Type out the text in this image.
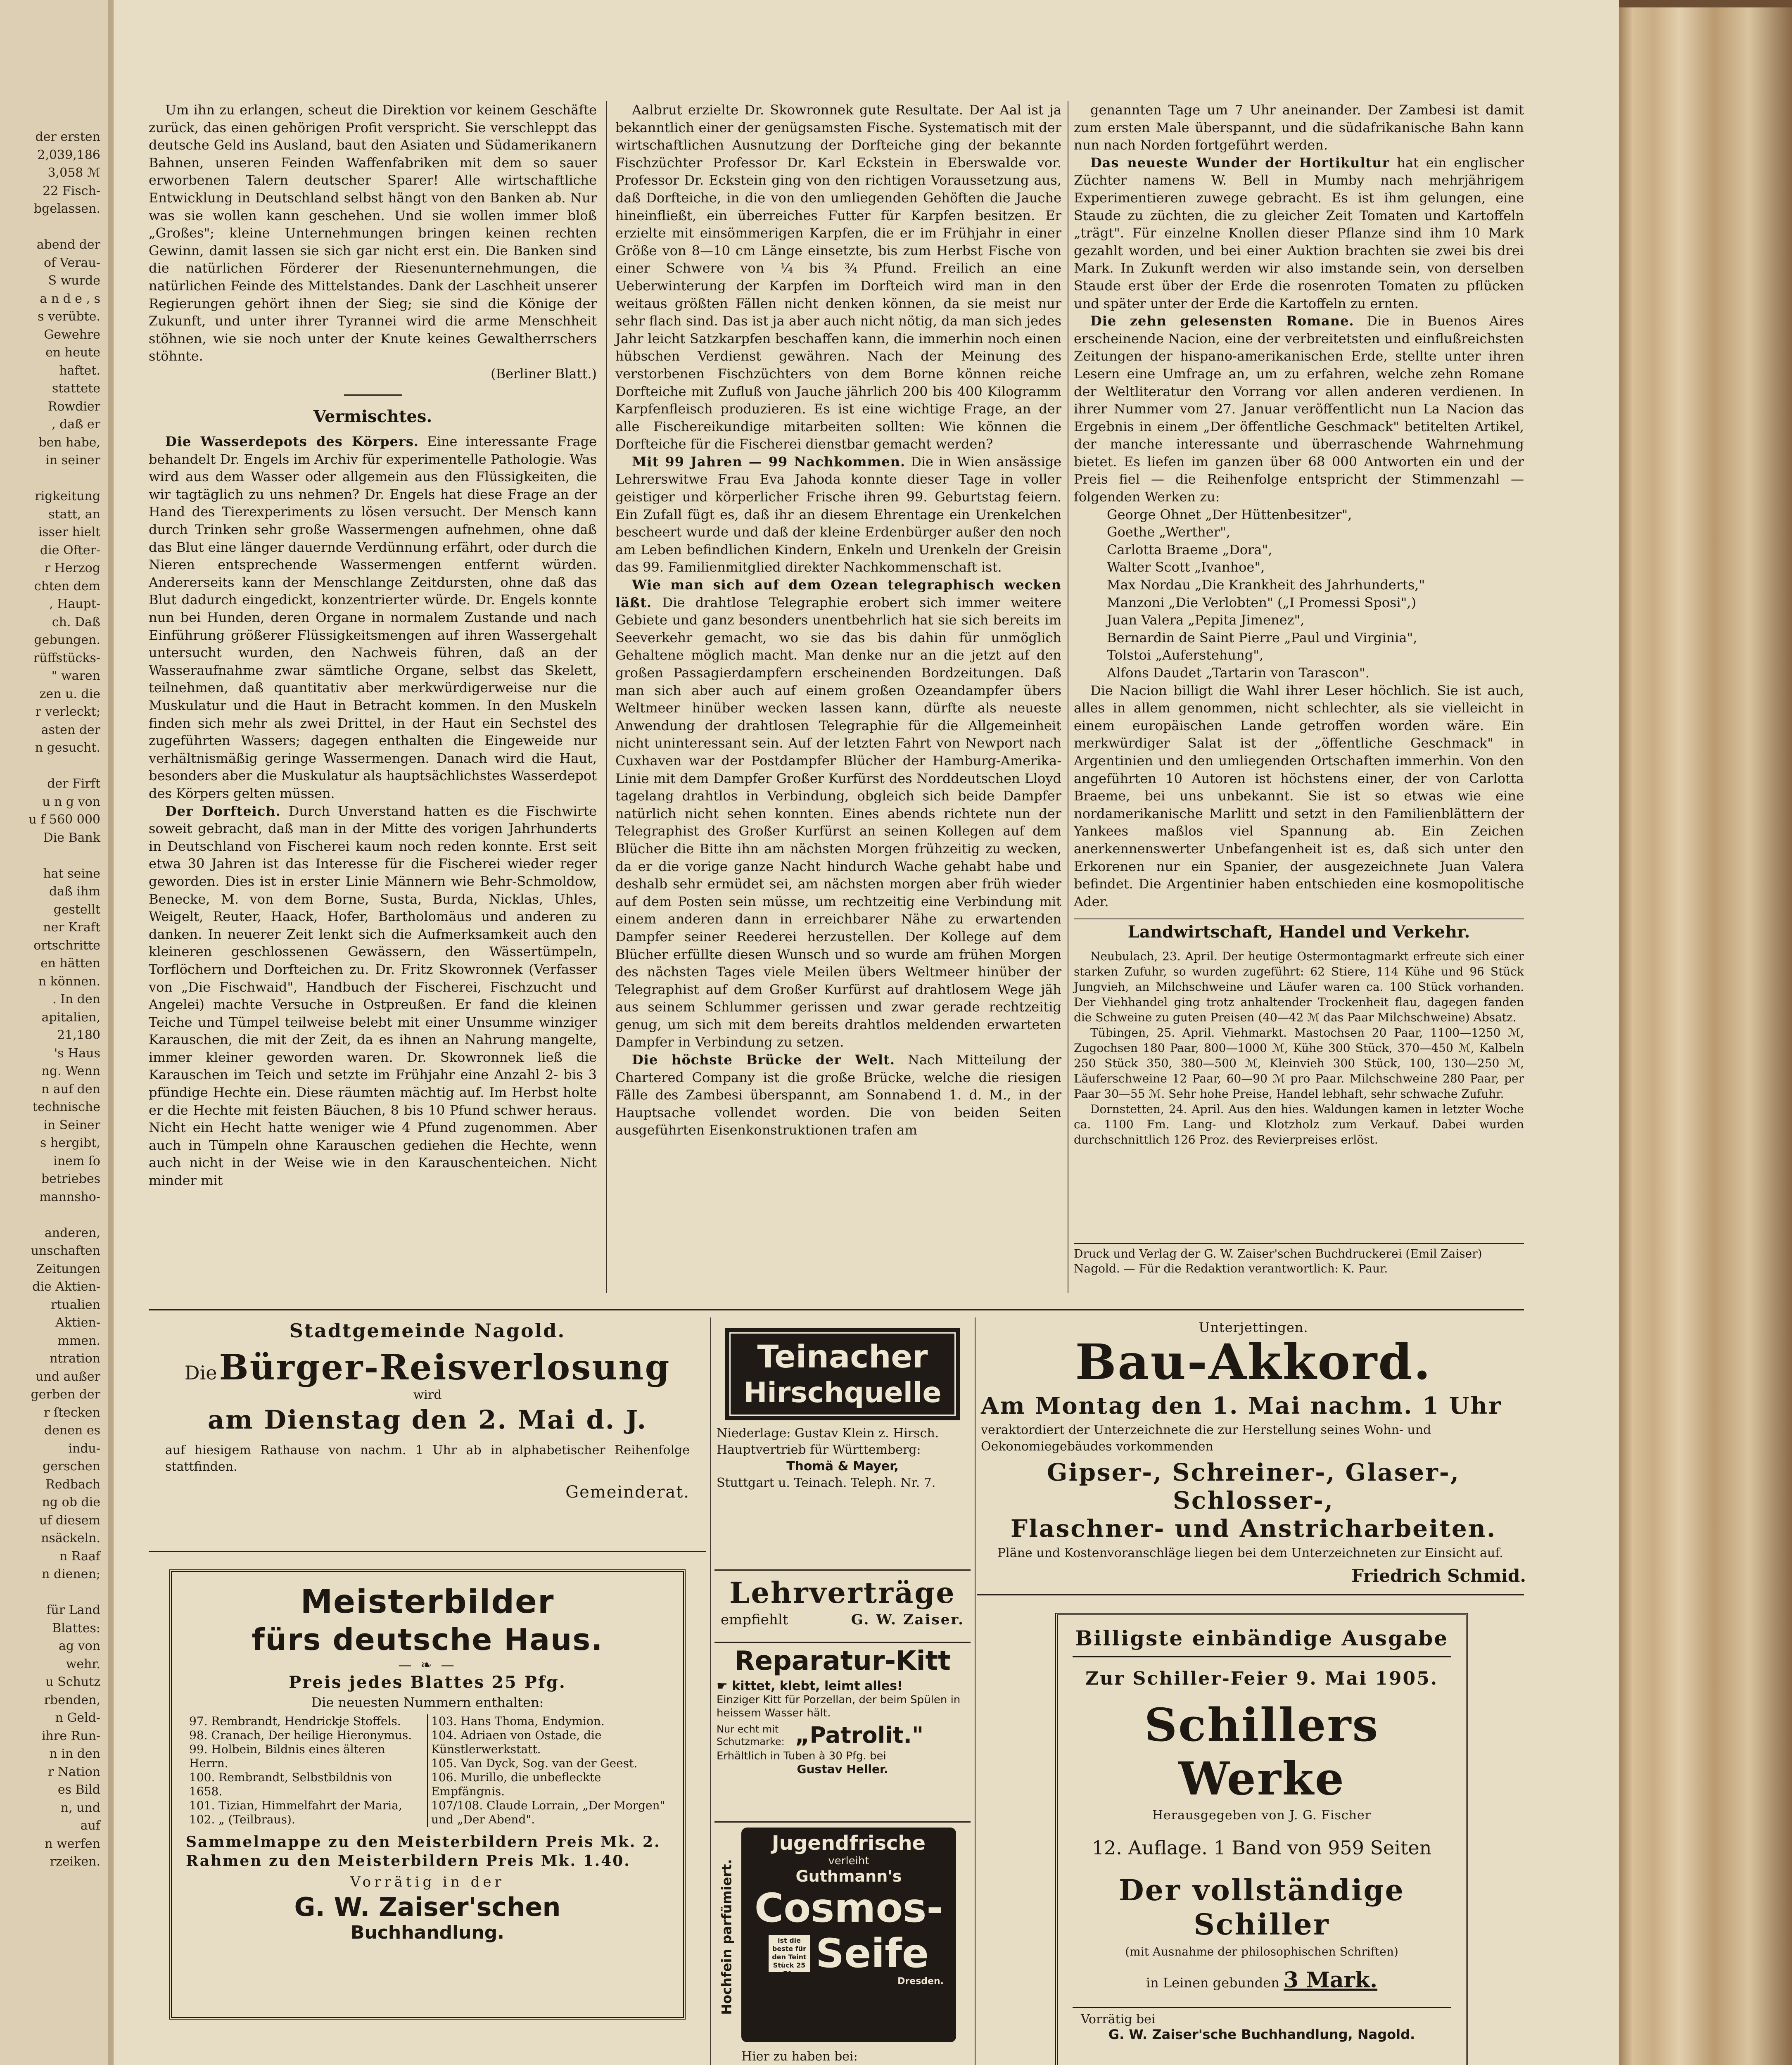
der ersten
2,039,186
3,058 ℳ
22 Fisch-
bgelassen.

abend der
of Verau-
S wurde
a n d e , s
s verübte.
Gewehre
en heute
haftet.
stattete
Rowdier
, daß er
ben habe,
in seiner

rigkeitung
statt, an
isser hielt
die Ofter-
r Herzog
chten dem
, Haupt-
ch. Daß
gebungen.
rüffstücks-
" waren
zen u. die
r verleckt;
asten der
n gesucht.

der Firft
u n g von
u f 560 000
Die Bank

hat seine
daß ihm
gestellt
ner Kraft
ortschritte
en hätten
n können.
. In den
apitalien,
21,180
's Haus
ng. Wenn
n auf den
technische
in Seiner
s hergibt,
inem ſo
betriebes
mannsho-

anderen,
unschaften
Zeitungen
die Aktien-
rtualien
Aktien-
mmen.
ntration
und außer
gerben der
r ſtecken
denen es
indu-
gerschen
Redbach
ng ob die
uf diesem
nsäckeln.
n Raaf
n dienen;

für Land
Blattes:
ag von
wehr.
u Schutz
rbenden,
n Geld-
ihre Run-
n in den
r Nation
es Bild
n, und
auf
n werfen
rzeiken.

Um ihn zu erlangen, scheut die Direktion vor keinem Geschäfte zurück, das einen gehörigen Profit verspricht. Sie verschleppt das deutsche Geld ins Ausland, baut den Asiaten und Südamerikanern Bahnen, unseren Feinden Waffenfabriken mit dem so sauer erworbenen Talern deutscher Sparer! Alle wirtschaftliche Entwicklung in Deutschland selbst hängt von den Banken ab. Nur was sie wollen kann geschehen. Und sie wollen immer bloß „Großes"; kleine Unternehmungen bringen keinen rechten Gewinn, damit lassen sie sich gar nicht erst ein. Die Banken sind die natürlichen Förderer der Riesenunternehmungen, die natürlichen Feinde des Mittelstandes. Dank der Laschheit unserer Regierungen gehört ihnen der Sieg; sie sind die Könige der Zukunft, und unter ihrer Tyrannei wird die arme Menschheit stöhnen, wie sie noch unter der Knute keines Gewaltherrschers stöhnte.

(Berliner Blatt.)
Vermischtes.

Die Wasserdepots des Körpers. Eine interessante Frage behandelt Dr. Engels im Archiv für experimentelle Pathologie. Was wird aus dem Wasser oder allgemein aus den Flüssigkeiten, die wir tagtäglich zu uns nehmen? Dr. Engels hat diese Frage an der Hand des Tierexperiments zu lösen versucht. Der Mensch kann durch Trinken sehr große Wassermengen aufnehmen, ohne daß das Blut eine länger dauernde Verdünnung erfährt, oder durch die Nieren entsprechende Wassermengen entfernt würden. Andererseits kann der Menschlange Zeitdursten, ohne daß das Blut dadurch eingedickt, konzentrierter würde. Dr. Engels konnte nun bei Hunden, deren Organe in normalem Zustande und nach Einführung größerer Flüssigkeitsmengen auf ihren Wassergehalt untersucht wurden, den Nachweis führen, daß an der Wasseraufnahme zwar sämtliche Organe, selbst das Skelett, teilnehmen, daß quantitativ aber merkwürdigerweise nur die Muskulatur und die Haut in Betracht kommen. In den Muskeln finden sich mehr als zwei Drittel, in der Haut ein Sechstel des zugeführten Wassers; dagegen enthalten die Eingeweide nur verhältnismäßig geringe Wassermengen. Danach wird die Haut, besonders aber die Muskulatur als hauptsächlichstes Wasserdepot des Körpers gelten müssen.

Der Dorfteich. Durch Unverstand hatten es die Fischwirte soweit gebracht, daß man in der Mitte des vorigen Jahrhunderts in Deutschland von Fischerei kaum noch reden konnte. Erst seit etwa 30 Jahren ist das Interesse für die Fischerei wieder reger geworden. Dies ist in erster Linie Männern wie Behr-Schmoldow, Benecke, M. von dem Borne, Susta, Burda, Nicklas, Uhles, Weigelt, Reuter, Haack, Hofer, Bartholomäus und anderen zu danken. In neuerer Zeit lenkt sich die Aufmerksamkeit auch den kleineren geschlossenen Gewässern, den Wässertümpeln, Torflöchern und Dorfteichen zu. Dr. Fritz Skowronnek (Verfasser von „Die Fischwaid", Handbuch der Fischerei, Fischzucht und Angelei) machte Versuche in Ostpreußen. Er fand die kleinen Teiche und Tümpel teilweise belebt mit einer Unsumme winziger Karauschen, die mit der Zeit, da es ihnen an Nahrung mangelte, immer kleiner geworden waren. Dr. Skowronnek ließ die Karauschen im Teich und setzte im Frühjahr eine Anzahl 2- bis 3 pfündige Hechte ein. Diese räumten mächtig auf. Im Herbst holte er die Hechte mit feisten Bäuchen, 8 bis 10 Pfund schwer heraus. Nicht ein Hecht hatte weniger wie 4 Pfund zugenommen. Aber auch in Tümpeln ohne Karauschen gediehen die Hechte, wenn auch nicht in der Weise wie in den Karauschenteichen. Nicht minder mit

Aalbrut erzielte Dr. Skowronnek gute Resultate. Der Aal ist ja bekanntlich einer der genügsamsten Fische. Systematisch mit der wirtschaftlichen Ausnutzung der Dorfteiche ging der bekannte Fischzüchter Professor Dr. Karl Eckstein in Eberswalde vor. Professor Dr. Eckstein ging von den richtigen Voraussetzung aus, daß Dorfteiche, in die von den umliegenden Gehöften die Jauche hineinfließt, ein überreiches Futter für Karpfen besitzen. Er erzielte mit einsömmerigen Karpfen, die er im Frühjahr in einer Größe von 8—10 cm Länge einsetzte, bis zum Herbst Fische von einer Schwere von ¼ bis ¾ Pfund. Freilich an eine Ueberwinterung der Karpfen im Dorfteich wird man in den weitaus größten Fällen nicht denken können, da sie meist nur sehr flach sind. Das ist ja aber auch nicht nötig, da man sich jedes Jahr leicht Satzkarpfen beschaffen kann, die immerhin noch einen hübschen Verdienst gewähren. Nach der Meinung des verstorbenen Fischzüchters von dem Borne können reiche Dorfteiche mit Zufluß von Jauche jährlich 200 bis 400 Kilogramm Karpfenfleisch produzieren. Es ist eine wichtige Frage, an der alle Fischereikundige mitarbeiten sollten: Wie können die Dorfteiche für die Fischerei dienstbar gemacht werden?

Mit 99 Jahren — 99 Nachkommen. Die in Wien ansässige Lehrerswitwe Frau Eva Jahoda konnte dieser Tage in voller geistiger und körperlicher Frische ihren 99. Geburtstag feiern. Ein Zufall fügt es, daß ihr an diesem Ehrentage ein Urenkelchen bescheert wurde und daß der kleine Erdenbürger außer den noch am Leben befindlichen Kindern, Enkeln und Urenkeln der Greisin das 99. Familienmitglied direkter Nachkommenschaft ist.

Wie man sich auf dem Ozean telegraphisch wecken läßt. Die drahtlose Telegraphie erobert sich immer weitere Gebiete und ganz besonders unentbehrlich hat sie sich bereits im Seeverkehr gemacht, wo sie das bis dahin für unmöglich Gehaltene möglich macht. Man denke nur an die jetzt auf den großen Passagierdampfern erscheinenden Bordzeitungen. Daß man sich aber auch auf einem großen Ozeandampfer übers Weltmeer hinüber wecken lassen kann, dürfte als neueste Anwendung der drahtlosen Telegraphie für die Allgemeinheit nicht uninteressant sein. Auf der letzten Fahrt von Newport nach Cuxhaven war der Postdampfer Blücher der Hamburg-Amerika-Linie mit dem Dampfer Großer Kurfürst des Norddeutschen Lloyd tagelang drahtlos in Verbindung, obgleich sich beide Dampfer natürlich nicht sehen konnten. Eines abends richtete nun der Telegraphist des Großer Kurfürst an seinen Kollegen auf dem Blücher die Bitte ihn am nächsten Morgen frühzeitig zu wecken, da er die vorige ganze Nacht hindurch Wache gehabt habe und deshalb sehr ermüdet sei, am nächsten morgen aber früh wieder auf dem Posten sein müsse, um rechtzeitig eine Verbindung mit einem anderen dann in erreichbarer Nähe zu erwartenden Dampfer seiner Reederei herzustellen. Der Kollege auf dem Blücher erfüllte diesen Wunsch und so wurde am frühen Morgen des nächsten Tages viele Meilen übers Weltmeer hinüber der Telegraphist auf dem Großer Kurfürst auf drahtlosem Wege jäh aus seinem Schlummer gerissen und zwar gerade rechtzeitig genug, um sich mit dem bereits drahtlos meldenden erwarteten Dampfer in Verbindung zu setzen.

Die höchste Brücke der Welt. Nach Mitteilung der Chartered Company ist die große Brücke, welche die riesigen Fälle des Zambesi überspannt, am Sonnabend 1. d. M., in der Hauptsache vollendet worden. Die von beiden Seiten ausgeführten Eisenkonstruktionen trafen am

genannten Tage um 7 Uhr aneinander. Der Zambesi ist damit zum ersten Male überspannt, und die südafrikanische Bahn kann nun nach Norden fortgeführt werden.

Das neueste Wunder der Hortikultur hat ein englischer Züchter namens W. Bell in Mumby nach mehrjährigem Experimentieren zuwege gebracht. Es ist ihm gelungen, eine Staude zu züchten, die zu gleicher Zeit Tomaten und Kartoffeln „trägt". Für einzelne Knollen dieser Pflanze sind ihm 10 Mark gezahlt worden, und bei einer Auktion brachten sie zwei bis drei Mark. In Zukunft werden wir also imstande sein, von derselben Staude erst über der Erde die rosenroten Tomaten zu pflücken und später unter der Erde die Kartoffeln zu ernten.

Die zehn gelesensten Romane. Die in Buenos Aires erscheinende Nacion, eine der verbreitetsten und einflußreichsten Zeitungen der hispano-amerikanischen Erde, stellte unter ihren Lesern eine Umfrage an, um zu erfahren, welche zehn Romane der Weltliteratur den Vorrang vor allen anderen verdienen. In ihrer Nummer vom 27. Januar veröffentlicht nun La Nacion das Ergebnis in einem „Der öffentliche Geschmack" betitelten Artikel, der manche interessante und überraschende Wahrnehmung bietet. Es liefen im ganzen über 68 000 Antworten ein und der Preis fiel — die Reihenfolge entspricht der Stimmenzahl — folgenden Werken zu:

George Ohnet „Der Hüttenbesitzer",
Goethe „Werther",
Carlotta Braeme „Dora",
Walter Scott „Ivanhoe",
Max Nordau „Die Krankheit des Jahrhunderts,"
Manzoni „Die Verlobten" („I Promessi Sposi",)
Juan Valera „Pepita Jimenez",
Bernardin de Saint Pierre „Paul und Virginia",
Tolstoi „Auferstehung",
Alfons Daudet „Tartarin von Tarascon".

Die Nacion billigt die Wahl ihrer Leser höchlich. Sie ist auch, alles in allem genommen, nicht schlechter, als sie vielleicht in einem europäischen Lande getroffen worden wäre. Ein merkwürdiger Salat ist der „öffentliche Geschmack" in Argentinien und den umliegenden Ortschaften immerhin. Von den angeführten 10 Autoren ist höchstens einer, der von Carlotta Braeme, bei uns unbekannt. Sie ist so etwas wie eine nordamerikanische Marlitt und setzt in den Familienblättern der Yankees maßlos viel Spannung ab. Ein Zeichen anerkennenswerter Unbefangenheit ist es, daß sich unter den Erkorenen nur ein Spanier, der ausgezeichnete Juan Valera befindet. Die Argentinier haben entschieden eine kosmopolitische Ader.

Landwirtschaft, Handel und Verkehr.

Neubulach, 23. April. Der heutige Ostermontagmarkt erfreute sich einer starken Zufuhr, so wurden zugeführt: 62 Stiere, 114 Kühe und 96 Stück Jungvieh, an Milchschweine und Läufer waren ca. 100 Stück vorhanden. Der Viehhandel ging trotz anhaltender Trockenheit flau, dagegen fanden die Schweine zu guten Preisen (40—42 ℳ das Paar Milchschweine) Absatz.

Tübingen, 25. April. Viehmarkt. Mastochsen 20 Paar, 1100—1250 ℳ, Zugochsen 180 Paar, 800—1000 ℳ, Kühe 300 Stück, 370—450 ℳ, Kalbeln 250 Stück 350, 380—500 ℳ, Kleinvieh 300 Stück, 100, 130—250 ℳ, Läuferschweine 12 Paar, 60—90 ℳ pro Paar. Milchschweine 280 Paar, per Paar 30—55 ℳ. Sehr hohe Preise, Handel lebhaft, sehr schwache Zufuhr.

Dornstetten, 24. April. Aus den hies. Waldungen kamen in letzter Woche ca. 1100 Fm. Lang- und Klotzholz zum Verkauf. Dabei wurden durchschnittlich 126 Proz. des Revierpreises erlöst.

Druck und Verlag der G. W. Zaiser'schen Buchdruckerei (Emil Zaiser) Nagold. — Für die Redaktion verantwortlich: K. Paur.
Stadtgemeinde Nagold.
Die Bürger-Reisverlosung
wird
am Dienstag den 2. Mai d. J.
auf hiesigem Rathause von nachm. 1 Uhr ab in alphabetischer Reihenfolge stattfinden.
Gemeinderat.
Meisterbilder
fürs deutsche Haus.
— ❧ —
Preis jedes Blattes 25 Pfg.
Die neuesten Nummern enthalten:
97. Rembrandt, Hendrickje Stoffels.
98. Cranach, Der heilige Hieronymus.
99. Holbein, Bildnis eines älteren Herrn.
100. Rembrandt, Selbstbildnis von 1658.
101. Tizian, Himmelfahrt der Maria,
102. „ (Teilbraus).

103. Hans Thoma, Endymion.
104. Adriaen von Ostade, die Künstlerwerkstatt.
105. Van Dyck, Sog. van der Geest.
106. Murillo, die unbefleckte Empfängnis.
107/108. Claude Lorrain, „Der Morgen" und „Der Abend".
Sammelmappe zu den Meisterbildern Preis Mk. 2.
Rahmen zu den Meisterbildern Preis Mk. 1.40.
Vorrätig in der
G. W. Zaiser'schen
Buchhandlung.
Teinacher
Hirschquelle
Niederlage: Gustav Klein z. Hirsch.
Hauptvertrieb für Württemberg:
Thomä & Mayer,
Stuttgart u. Teinach. Teleph. Nr. 7.
Lehrverträge
empfiehlt	G. W. Zaiser.
Reparatur-Kitt
☛ kittet, klebt, leimt alles!
Einziger Kitt für Porzellan, der beim Spülen in heissem Wasser hält.
Nur echt mit Schutzmarke: „Patrolit."
Erhältlich in Tuben à 30 Pfg. bei
Gustav Heller.
Hochfein parfümiert.
Jugendfrische
verleiht
Guthmann's
Cosmos-
ist die beste für den Teint Stück 25 Pfg Seife
Dresden.
Hier zu haben bei:
Unterjettingen.
Bau-Akkord.
Am Montag den 1. Mai nachm. 1 Uhr
veraktordiert der Unterzeichnete die zur Herstellung seines Wohn- und Oekonomiegebäudes vorkommenden
Gipser-, Schreiner-, Glaser-, Schlosser-,
Flaschner- und Anstricharbeiten.
Pläne und Kostenvoranschläge liegen bei dem Unterzeichneten zur Einsicht auf.
Friedrich Schmid.
Billigste einbändige Ausgabe
Zur Schiller-Feier 9. Mai 1905.
Schillers Werke
Herausgegeben von J. G. Fischer
12. Auflage. 1 Band von 959 Seiten
Der vollständige Schiller
(mit Ausnahme der philosophischen Schriften)
in Leinen gebunden 3 Mark.
Vorrätig bei
G. W. Zaiser'sche Buchhandlung, Nagold.
